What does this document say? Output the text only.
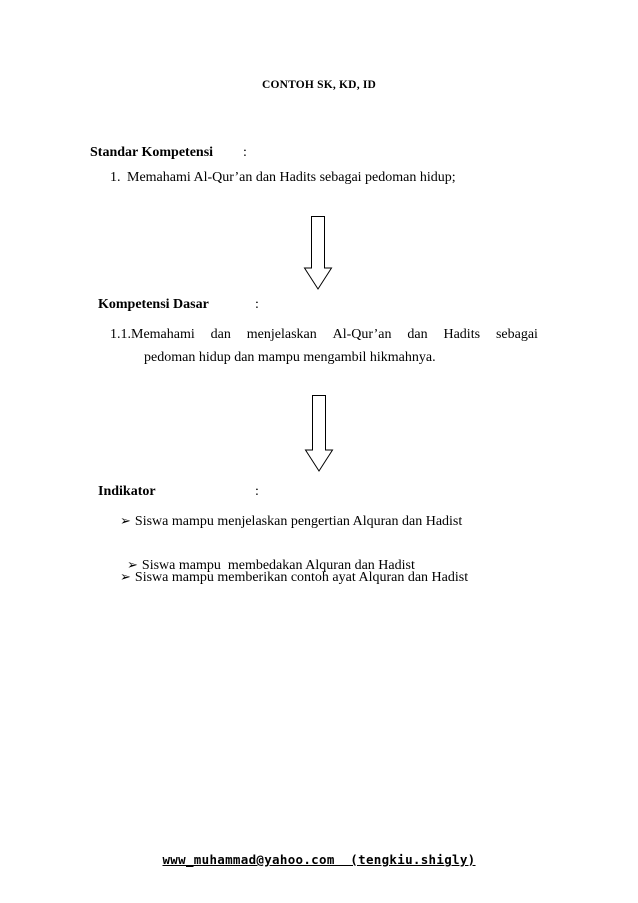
CONTOH SK, KD, ID
Standar Kompetensi :
1. Memahami Al-Qur’an dan Hadits sebagai pedoman hidup;
Kompetensi Dasar	:
1.1.Memahami dan menjelaskan Al-Qur’an dan Hadits sebagai
pedoman hidup dan mampu mengambil hikmahnya.
Indikator	:
➢ Siswa mampu menjelaskan pengertian Alquran dan Hadist

➢ Siswa mampu  membedakan Alquran dan Hadist

➢ Siswa mampu memberikan contoh ayat Alquran dan Hadist
www_muhammad@yahoo.com  (tengkiu.shigly)
